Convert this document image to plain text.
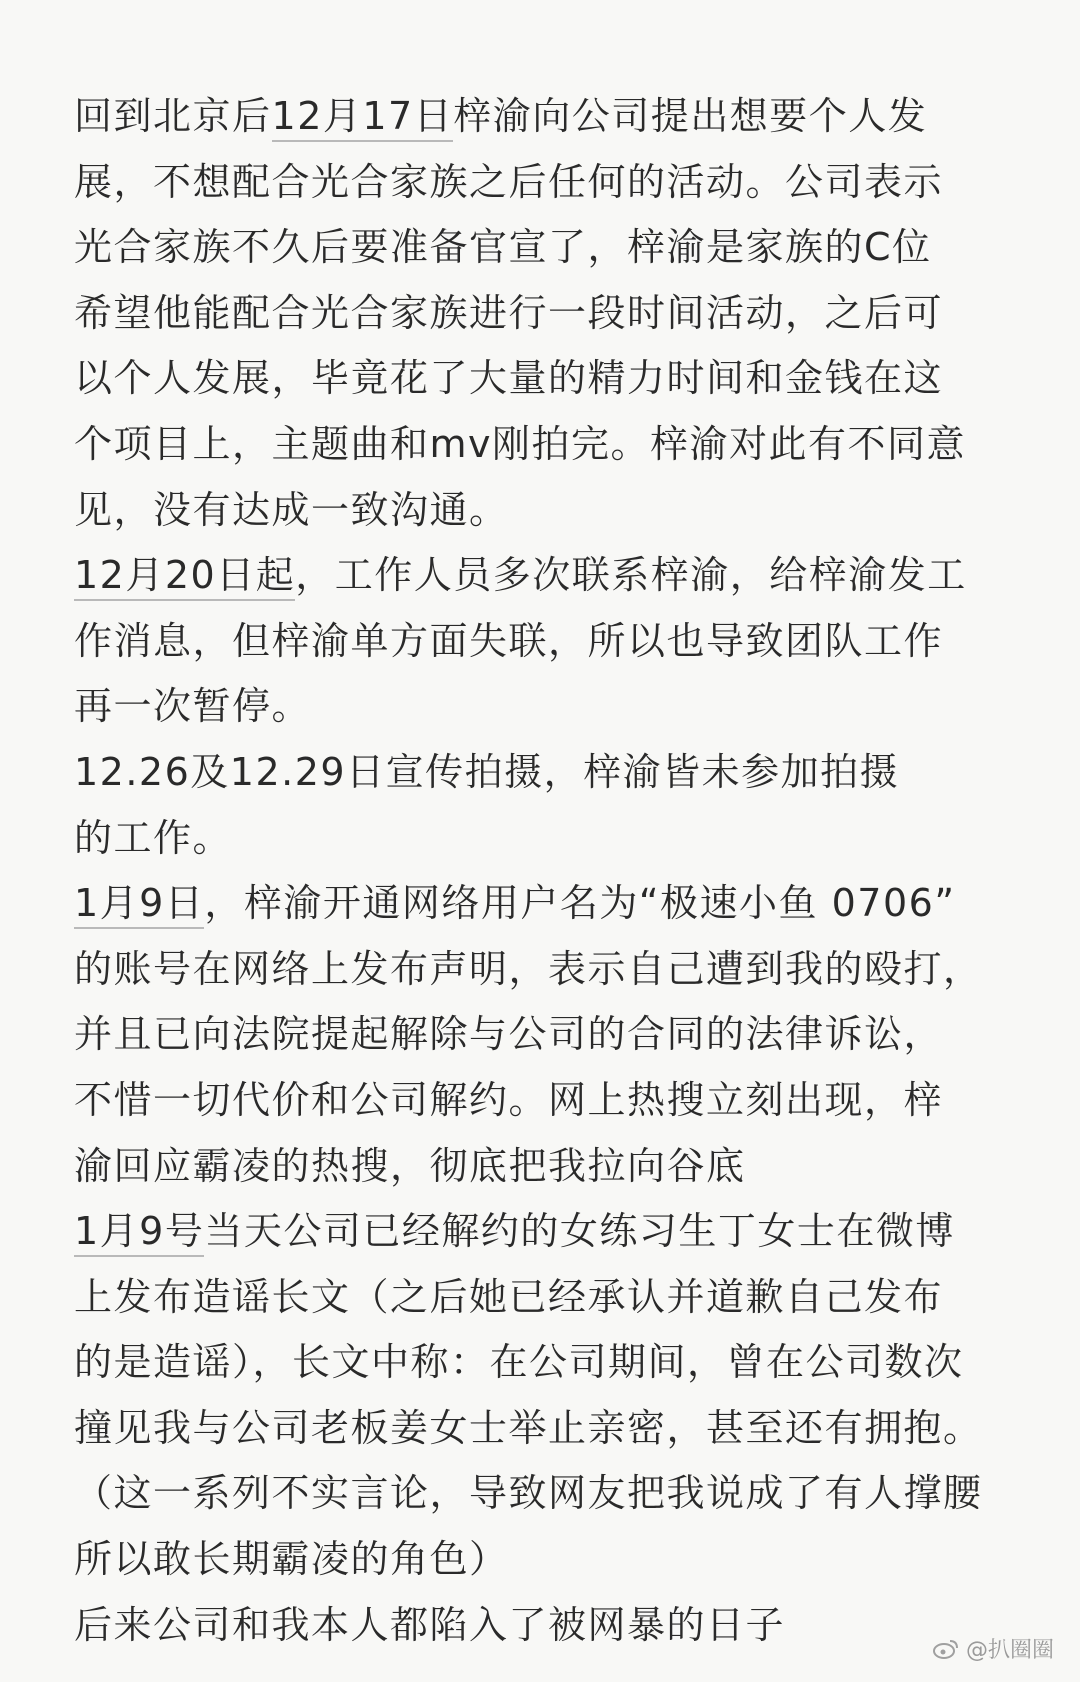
回到北京后12月17日梓渝向公司提出想要个人发
展，不想配合光合家族之后任何的活动。公司表示
光合家族不久后要准备官宣了，梓渝是家族的C位
希望他能配合光合家族进行一段时间活动，之后可
以个人发展，毕竟花了大量的精力时间和金钱在这
个项目上，主题曲和mv刚拍完。梓渝对此有不同意
见，没有达成一致沟通。
12月20日起，工作人员多次联系梓渝，给梓渝发工
作消息，但梓渝单方面失联，所以也导致团队工作
再一次暂停。
12.26及12.29日宣传拍摄，梓渝皆未参加拍摄
的工作。
1月9日，梓渝开通网络用户名为“极速小鱼 0706”
的账号在网络上发布声明，表示自己遭到我的殴打，
并且已向法院提起解除与公司的合同的法律诉讼，
不惜一切代价和公司解约。网上热搜立刻出现，梓
渝回应霸凌的热搜，彻底把我拉向谷底
1月9号当天公司已经解约的女练习生丁女士在微博
上发布造谣长文（之后她已经承认并道歉自己发布
的是造谣），长文中称：在公司期间，曾在公司数次
撞见我与公司老板姜女士举止亲密，甚至还有拥抱。
（这一系列不实言论，导致网友把我说成了有人撑腰
所以敢长期霸凌的角色）
后来公司和我本人都陷入了被网暴的日子
@扒圈圈
